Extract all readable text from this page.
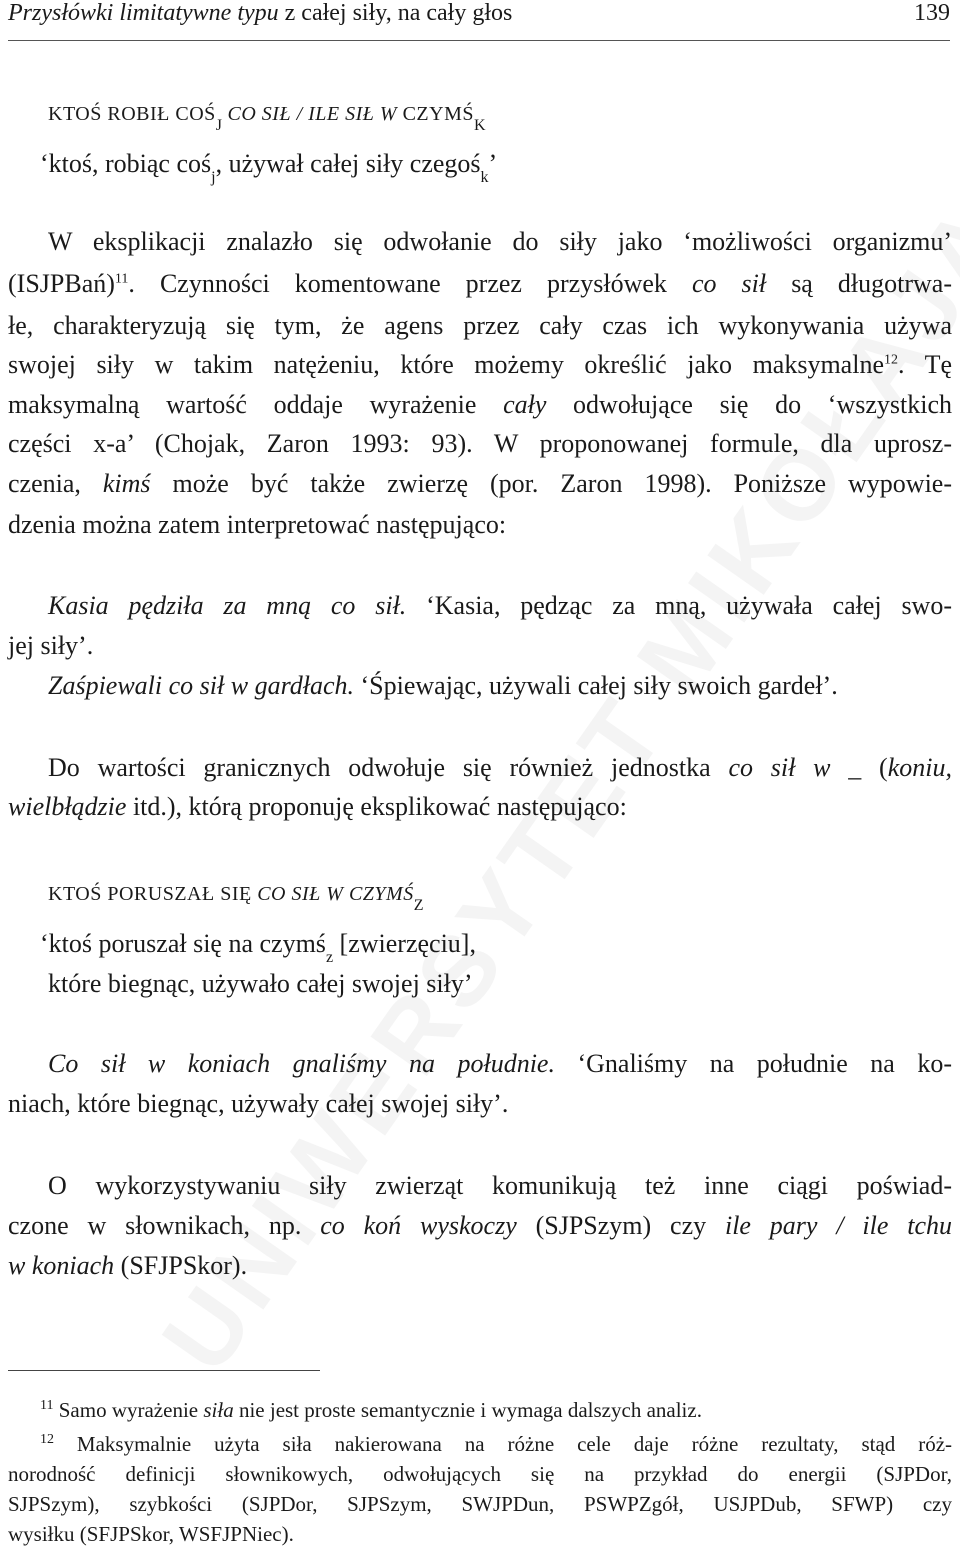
Przysłówki limitatywne typu z całej siły, na cały głos	139
KTOŚ ROBIŁ $COŚ_J$ CO SIŁ / ILE SIŁ W $CZYMŚ_K$
‘ktoś, robiąc coś$_j$, używał całej siły czegoś$_k$’
W eksplikacji znalazło się odwołanie do siły jako ‘możliwości organizmu’
(ISJPBań)$^{11}$. Czynności komentowane przez przysłówek co sił są długotrwa-
łe, charakteryzują się tym, że agens przez cały czas ich wykonywania używa
swojej siły w takim natężeniu, które możemy określić jako maksymalne$^{12}$. Tę
maksymalną wartość oddaje wyrażenie cały odwołujące się do ‘wszystkich
części x-a’ (Chojak, Zaron 1993: 93). W proponowanej formule, dla uprosz-
czenia, kimś może być także zwierzę (por. Zaron 1998). Poniższe wypowie-
dzenia można zatem interpretować następująco:
Kasia pędziła za mną co sił. ‘Kasia, pędząc za mną, używała całej swo-
jej siły’.
Zaśpiewali co sił w gardłach. ‘Śpiewając, używali całej siły swoich gardeł’.
Do wartości granicznych odwołuje się również jednostka co sił w _ (koniu,
wielbłądzie itd.), którą proponuję eksplikować następująco:
KTOŚ PORUSZAŁ SIĘ CO SIŁ W $CZYMŚ_Z$
‘ktoś poruszał się na czymś$_z$ [zwierzęciu],
które biegnąc, używało całej swojej siły’
Co sił w koniach gnaliśmy na południe. ‘Gnaliśmy na południe na ko-
niach, które biegnąc, używały całej swojej siły’.
O wykorzystywaniu siły zwierząt komunikują też inne ciągi poświad-
czone w słownikach, np. co koń wyskoczy (SJPSzym) czy ile pary / ile tchu
w koniach (SFJPSkor).
$^{11}$ Samo wyrażenie siła nie jest proste semantycznie i wymaga dalszych analiz.
$^{12}$ Maksymalnie użyta siła nakierowana na różne cele daje różne rezultaty, stąd róż-
norodność definicji słownikowych, odwołujących się na przykład do energii (SJPDor,
SJPSzym), szybkości (SJPDor, SJPSzym, SWJPDun, PSWPZgół, USJPDub, SFWP) czy
wysiłku (SFJPSkor, WSFJPNiec).
